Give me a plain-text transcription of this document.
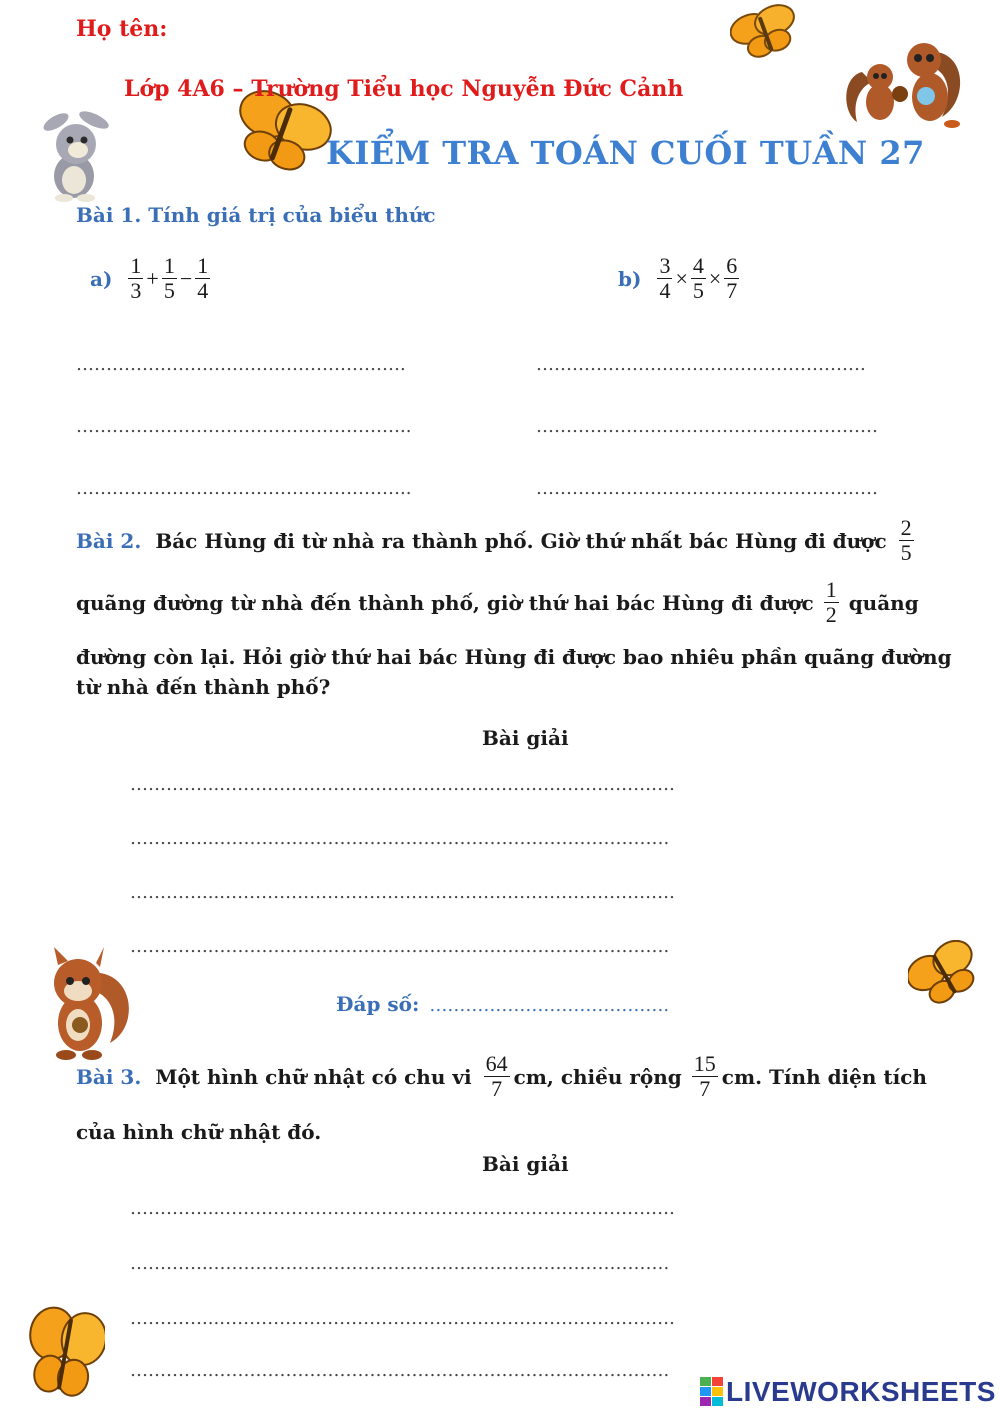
Họ tên:
Lớp 4A6 – Trường Tiểu học Nguyễn Đức Cảnh
KIỂM TRA TOÁN CUỐI TUẦN 27
Bài 1. Tính giá trị của biểu thức
$a) \frac{1}{3} + \frac{1}{5} - \frac{1}{4}$	$b) \frac{3}{4} \times \frac{4}{5} \times \frac{6}{7}$
……………………………………………….	……………………………………………….
………………………………………………..	…………………………………………………
………………………………………………..	…………………………………………………
Bài 2. Bác Hùng đi từ nhà ra thành phố. Giờ thứ nhất bác Hùng đi được $\frac{2}{5}$
quãng đường từ nhà đến thành phố, giờ thứ hai bác Hùng đi được $\frac{1}{2}$ quãng
đường còn lại. Hỏi giờ thứ hai bác Hùng đi được bao nhiêu phần quãng đường
từ nhà đến thành phố?
Bài giải
…………...………………………………………………………………….
…………..………………………………………………………………….
…………...………………………………………………………………….
…………..………………………………………………………………….
Đáp số: ………………………………….
Bài 3. Một hình chữ nhật có chu vi $\frac{64}{7}$ cm, chiều rộng $\frac{15}{7}$ cm. Tính diện tích
của hình chữ nhật đó.
Bài giải
…………...………………………………………………………………….
…………..………………………………………………………………….
…………...………………………………………………………………….
…………..………………………………………………………………….
LIVEWORKSHEETS
